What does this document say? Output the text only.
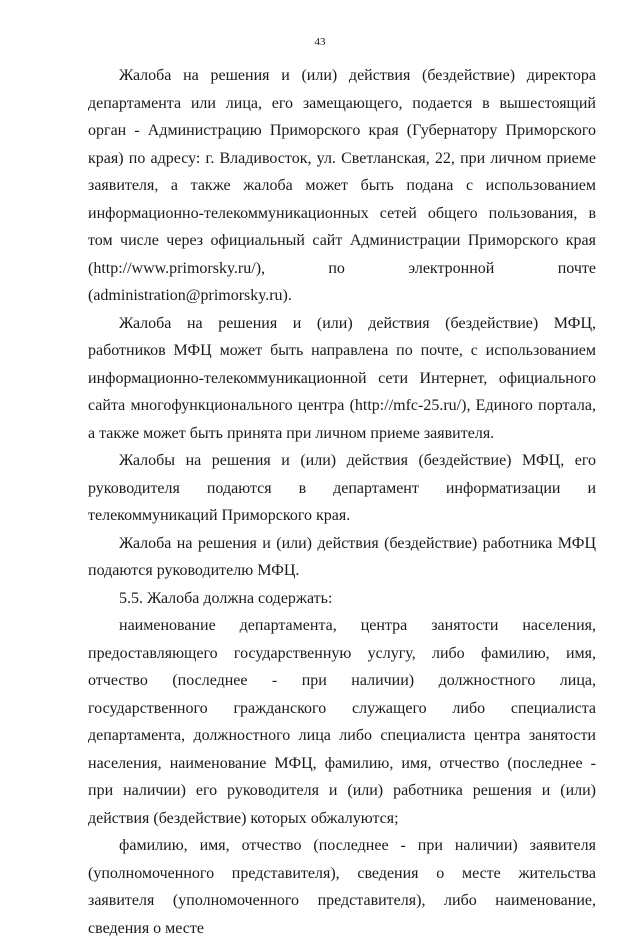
43

Жалоба на решения и (или) действия (бездействие) директора департамента или лица, его замещающего, подается в вышестоящий орган - Администрацию Приморского края (Губернатору Приморского края) по адресу: г. Владивосток, ул. Светланская, 22, при личном приеме заявителя, а также жалоба может быть подана с использованием информационно-телекоммуникационных сетей общего пользования, в том числе через официальный сайт Администрации Приморского края (http://www.primorsky.ru/), по электронной почте (administration@primorsky.ru).

Жалоба на решения и (или) действия (бездействие) МФЦ, работников МФЦ может быть направлена по почте, с использованием информационно-телекоммуникационной сети Интернет, официального сайта многофункционального центра (http://mfc-25.ru/), Единого портала, а также может быть принята при личном приеме заявителя.

Жалобы на решения и (или) действия (бездействие) МФЦ, его руководителя подаются в департамент информатизации и телекоммуникаций Приморского края.

Жалоба на решения и (или) действия (бездействие) работника МФЦ подаются руководителю МФЦ.

5.5. Жалоба должна содержать:

наименование департамента, центра занятости населения, предоставляющего государственную услугу, либо фамилию, имя, отчество (последнее - при наличии) должностного лица, государственного гражданского служащего либо специалиста департамента, должностного лица либо специалиста центра занятости населения, наименование МФЦ, фамилию, имя, отчество (последнее - при наличии) его руководителя и (или) работника решения и (или) действия (бездействие) которых обжалуются;

фамилию, имя, отчество (последнее - при наличии) заявителя (уполномоченного представителя), сведения о месте жительства заявителя (уполномоченного представителя), либо наименование, сведения о месте
